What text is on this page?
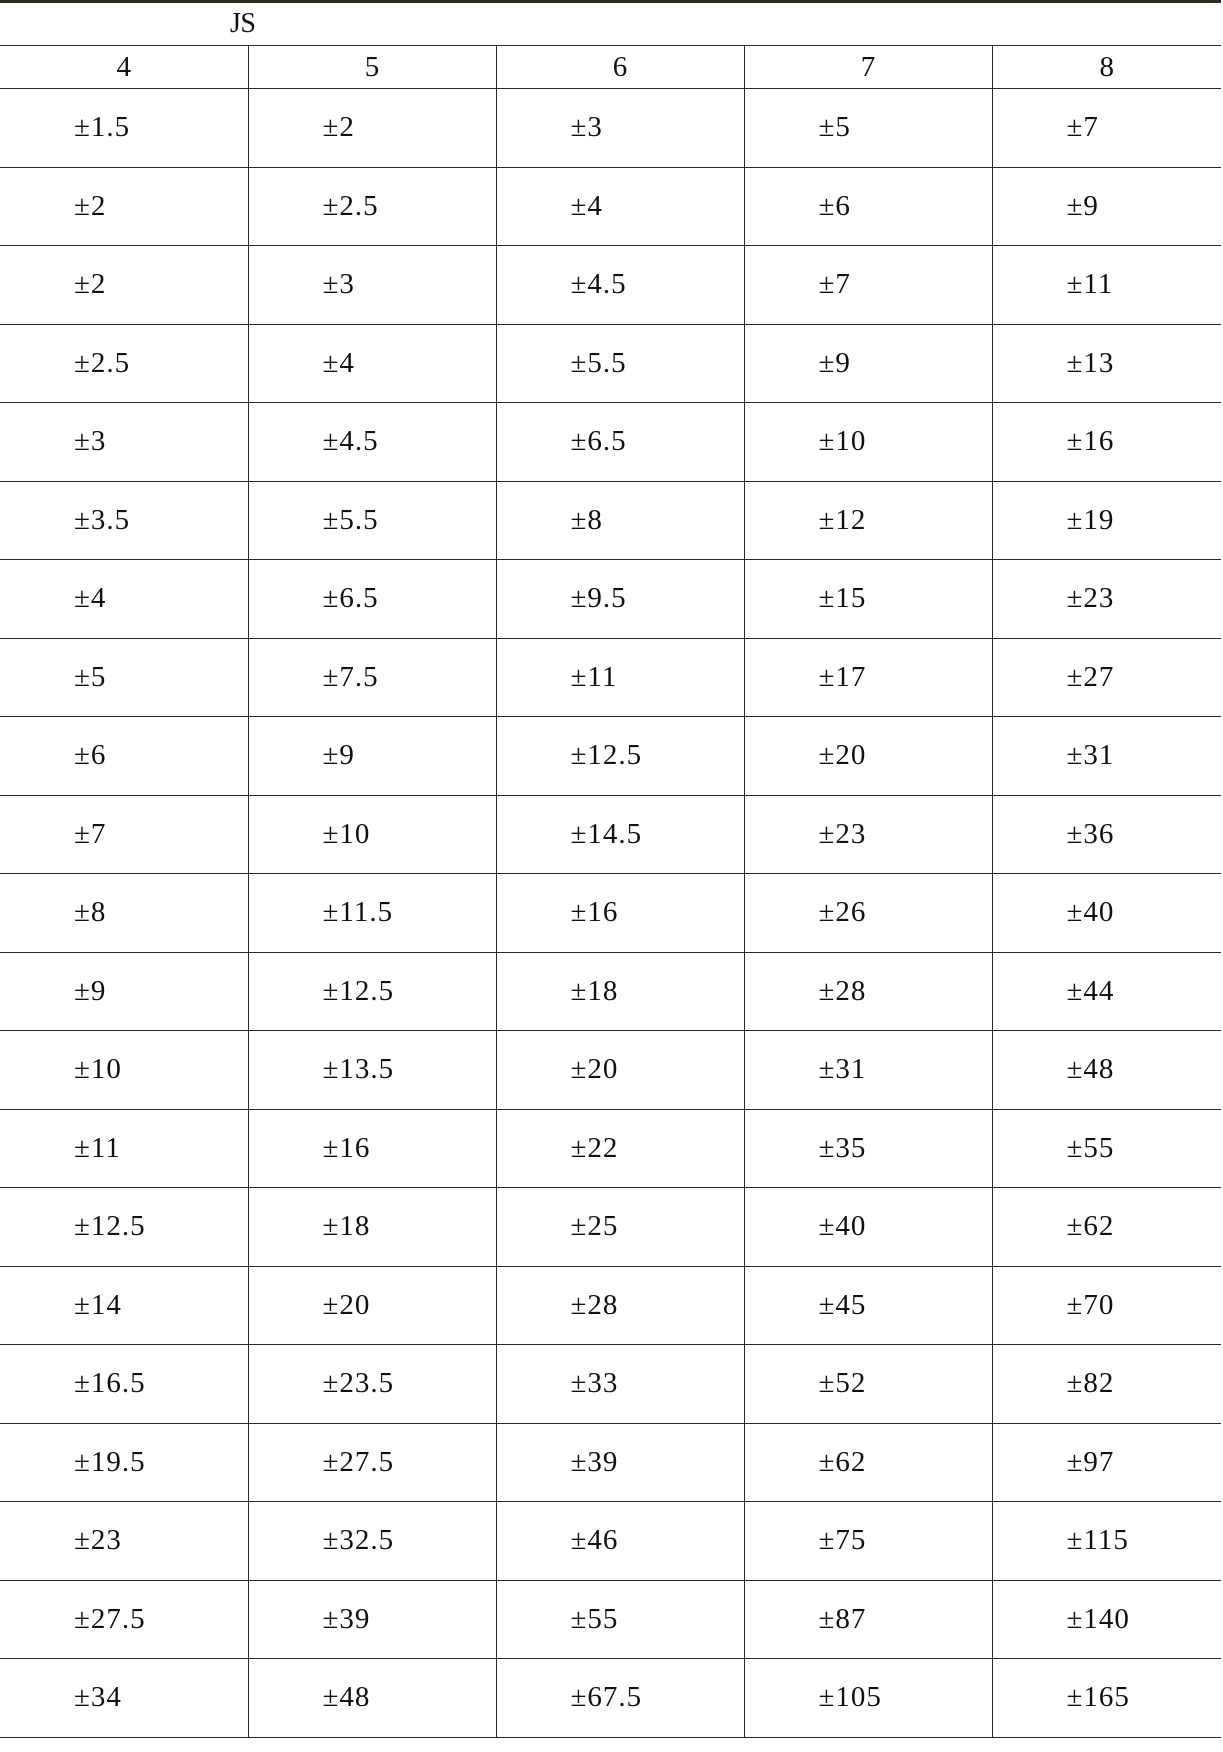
JS
4	5	6	7	8
±1.5	±2	±3	±5	±7
±2	±2.5	±4	±6	±9
±2	±3	±4.5	±7	±11
±2.5	±4	±5.5	±9	±13
±3	±4.5	±6.5	±10	±16
±3.5	±5.5	±8	±12	±19
±4	±6.5	±9.5	±15	±23
±5	±7.5	±11	±17	±27
±6	±9	±12.5	±20	±31
±7	±10	±14.5	±23	±36
±8	±11.5	±16	±26	±40
±9	±12.5	±18	±28	±44
±10	±13.5	±20	±31	±48
±11	±16	±22	±35	±55
±12.5	±18	±25	±40	±62
±14	±20	±28	±45	±70
±16.5	±23.5	±33	±52	±82
±19.5	±27.5	±39	±62	±97
±23	±32.5	±46	±75	±115
±27.5	±39	±55	±87	±140
±34	±48	±67.5	±105	±165
